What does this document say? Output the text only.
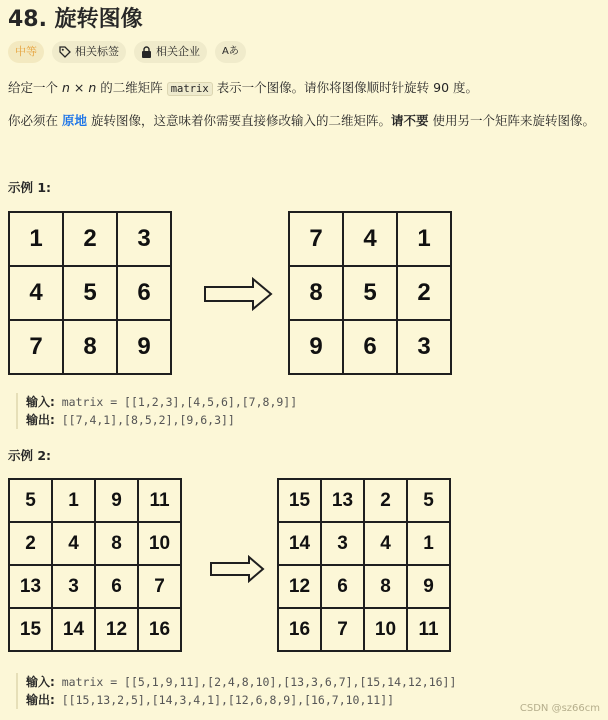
48. 旋转图像
中等	相关标签	相关企业 Aあ

给定一个 n × n 的二维矩阵 matrix 表示一个图像。请你将图像顺时针旋转 90 度。

你必须在 原地 旋转图像，这意味着你需要直接修改输入的二维矩阵。请不要 使用另一个矩阵来旋转图像。

示例 1:

1	2	3
4	5	6
7	8	9
7	4	1
8	5	2
9	6	3
输入: matrix = [[1,2,3],[4,5,6],[7,8,9]]
输出: [[7,4,1],[8,5,2],[9,6,3]]

示例 2:

5	1	9	11
2	4	8	10
13	3	6	7
15	14	12	16
15	13	2	5
14	3	4	1
12	6	8	9
16	7	10	11
输入: matrix = [[5,1,9,11],[2,4,8,10],[13,3,6,7],[15,14,12,16]]
输出: [[15,13,2,5],[14,3,4,1],[12,6,8,9],[16,7,10,11]]
CSDN @sz66cm
